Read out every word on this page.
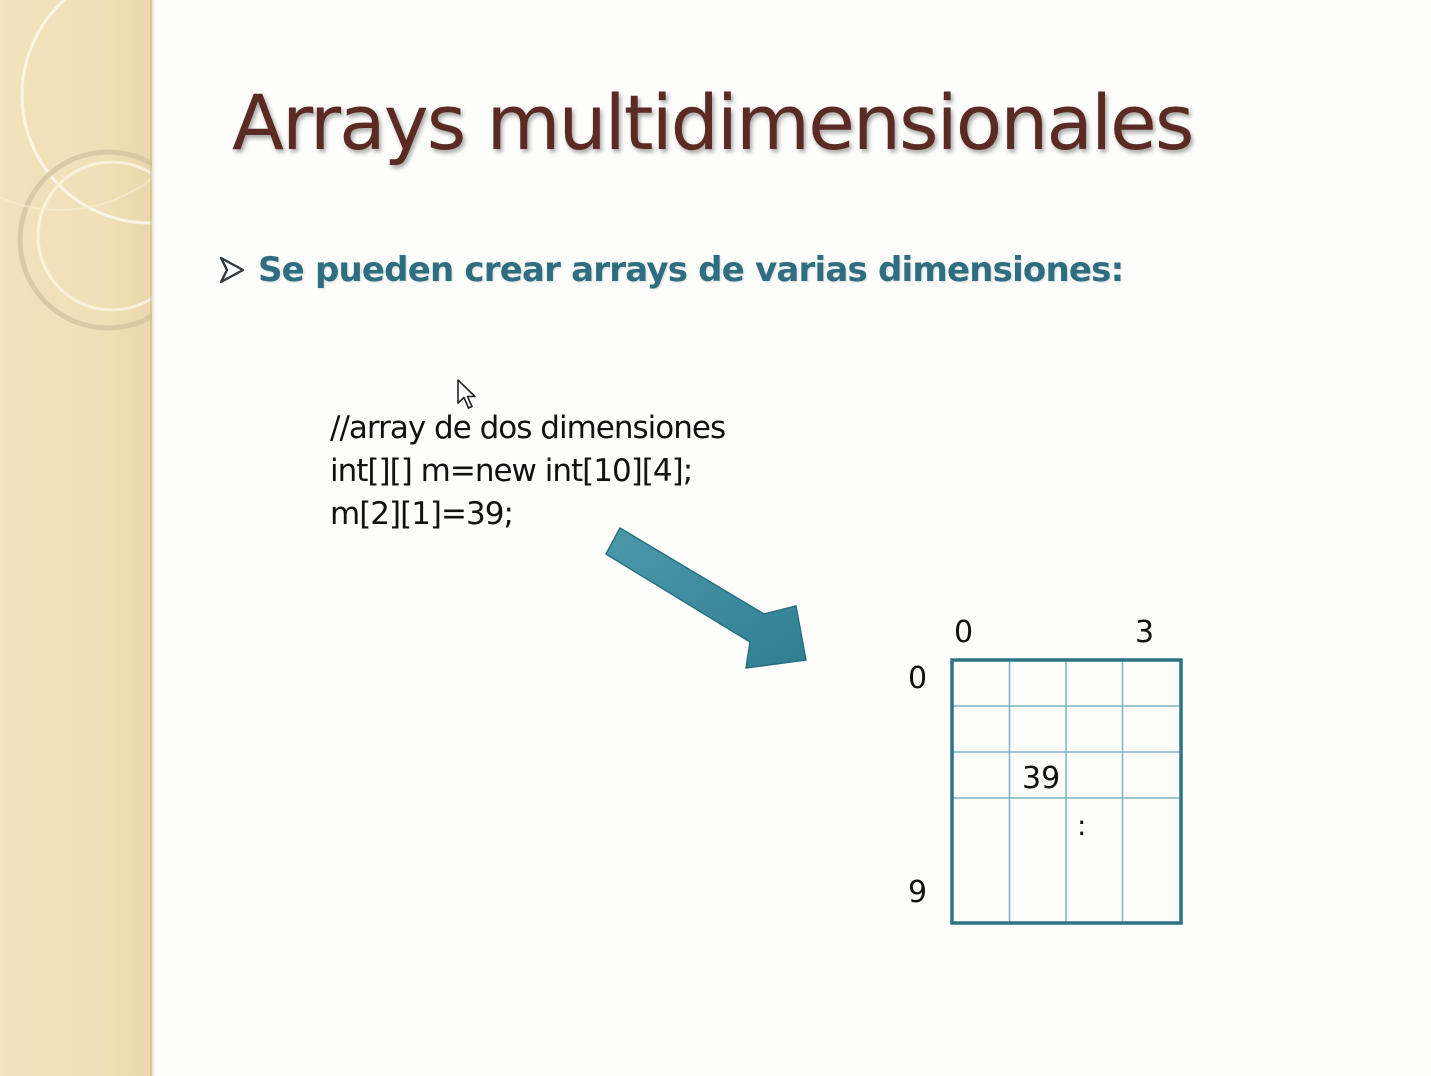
Arrays multidimensionales
Se pueden crear arrays de varias dimensiones:
//array de dos dimensiones
int[][] m=new int[10][4];
m[2][1]=39;
0	3
0
9
39
:
